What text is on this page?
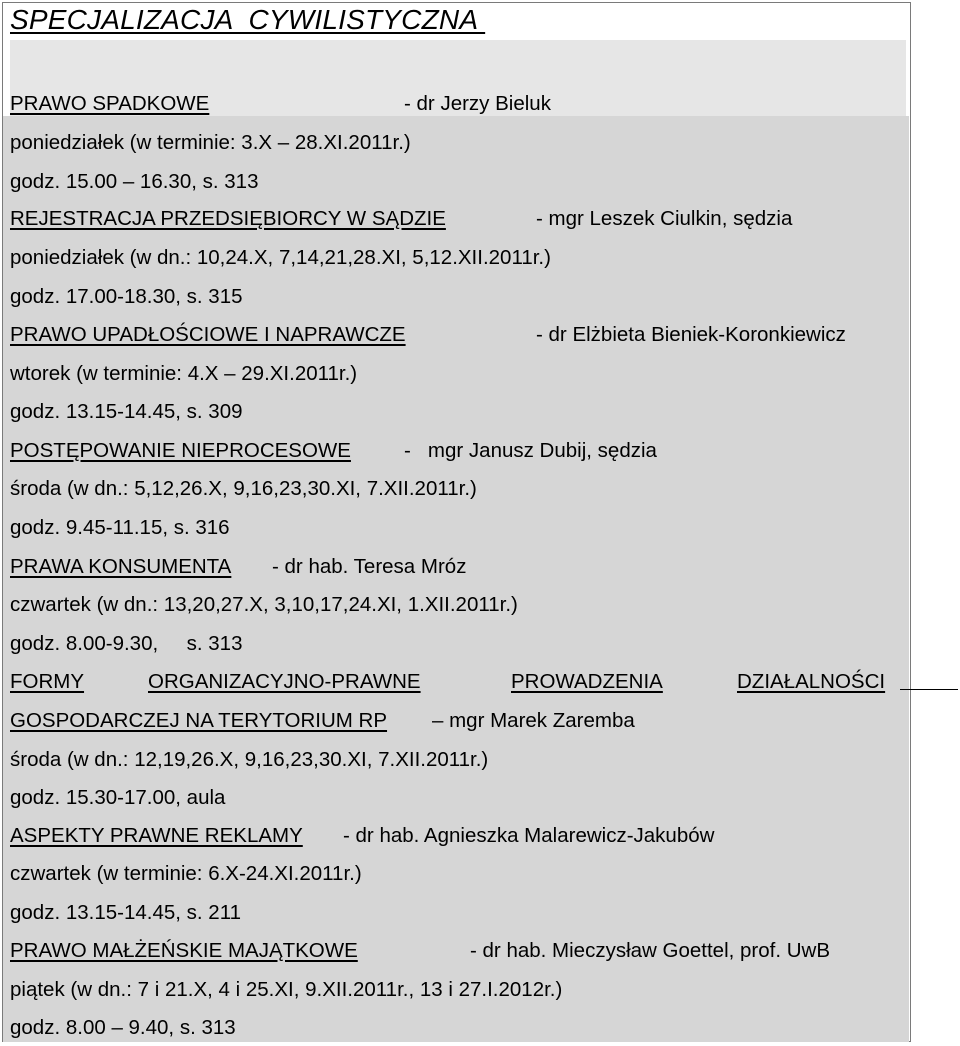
SPECJALIZACJA  CYWILISTYCZNA
PRAWO SPADKOWE	- dr Jerzy Bieluk
poniedziałek (w terminie: 3.X – 28.XI.2011r.)
godz. 15.00 – 16.30, s. 313
REJESTRACJA PRZEDSIĘBIORCY W SĄDZIE	- mgr Leszek Ciulkin, sędzia
poniedziałek (w dn.: 10,24.X, 7,14,21,28.XI, 5,12.XII.2011r.)
godz. 17.00-18.30, s. 315
PRAWO UPADŁOŚCIOWE I NAPRAWCZE	- dr Elżbieta Bieniek-Koronkiewicz
wtorek (w terminie: 4.X – 29.XI.2011r.)
godz. 13.15-14.45, s. 309
POSTĘPOWANIE NIEPROCESOWE	-   mgr Janusz Dubij, sędzia
środa (w dn.: 5,12,26.X, 9,16,23,30.XI, 7.XII.2011r.)
godz. 9.45-11.15, s. 316
PRAWA KONSUMENTA - dr hab. Teresa Mróz
czwartek (w dn.: 13,20,27.X, 3,10,17,24.XI, 1.XII.2011r.)
godz. 8.00-9.30,     s. 313
FORMY	ORGANIZACYJNO-PRAWNE	PROWADZENIA	DZIAŁALNOŚCI
GOSPODARCZEJ NA TERYTORIUM RP – mgr Marek Zaremba
środa (w dn.: 12,19,26.X, 9,16,23,30.XI, 7.XII.2011r.)
godz. 15.30-17.00, aula
ASPEKTY PRAWNE REKLAMY - dr hab. Agnieszka Malarewicz-Jakubów
czwartek (w terminie: 6.X-24.XI.2011r.)
godz. 13.15-14.45, s. 211
PRAWO MAŁŻEŃSKIE MAJĄTKOWE	- dr hab. Mieczysław Goettel, prof. UwB
piątek (w dn.: 7 i 21.X, 4 i 25.XI, 9.XII.2011r., 13 i 27.I.2012r.)
godz. 8.00 – 9.40, s. 313
